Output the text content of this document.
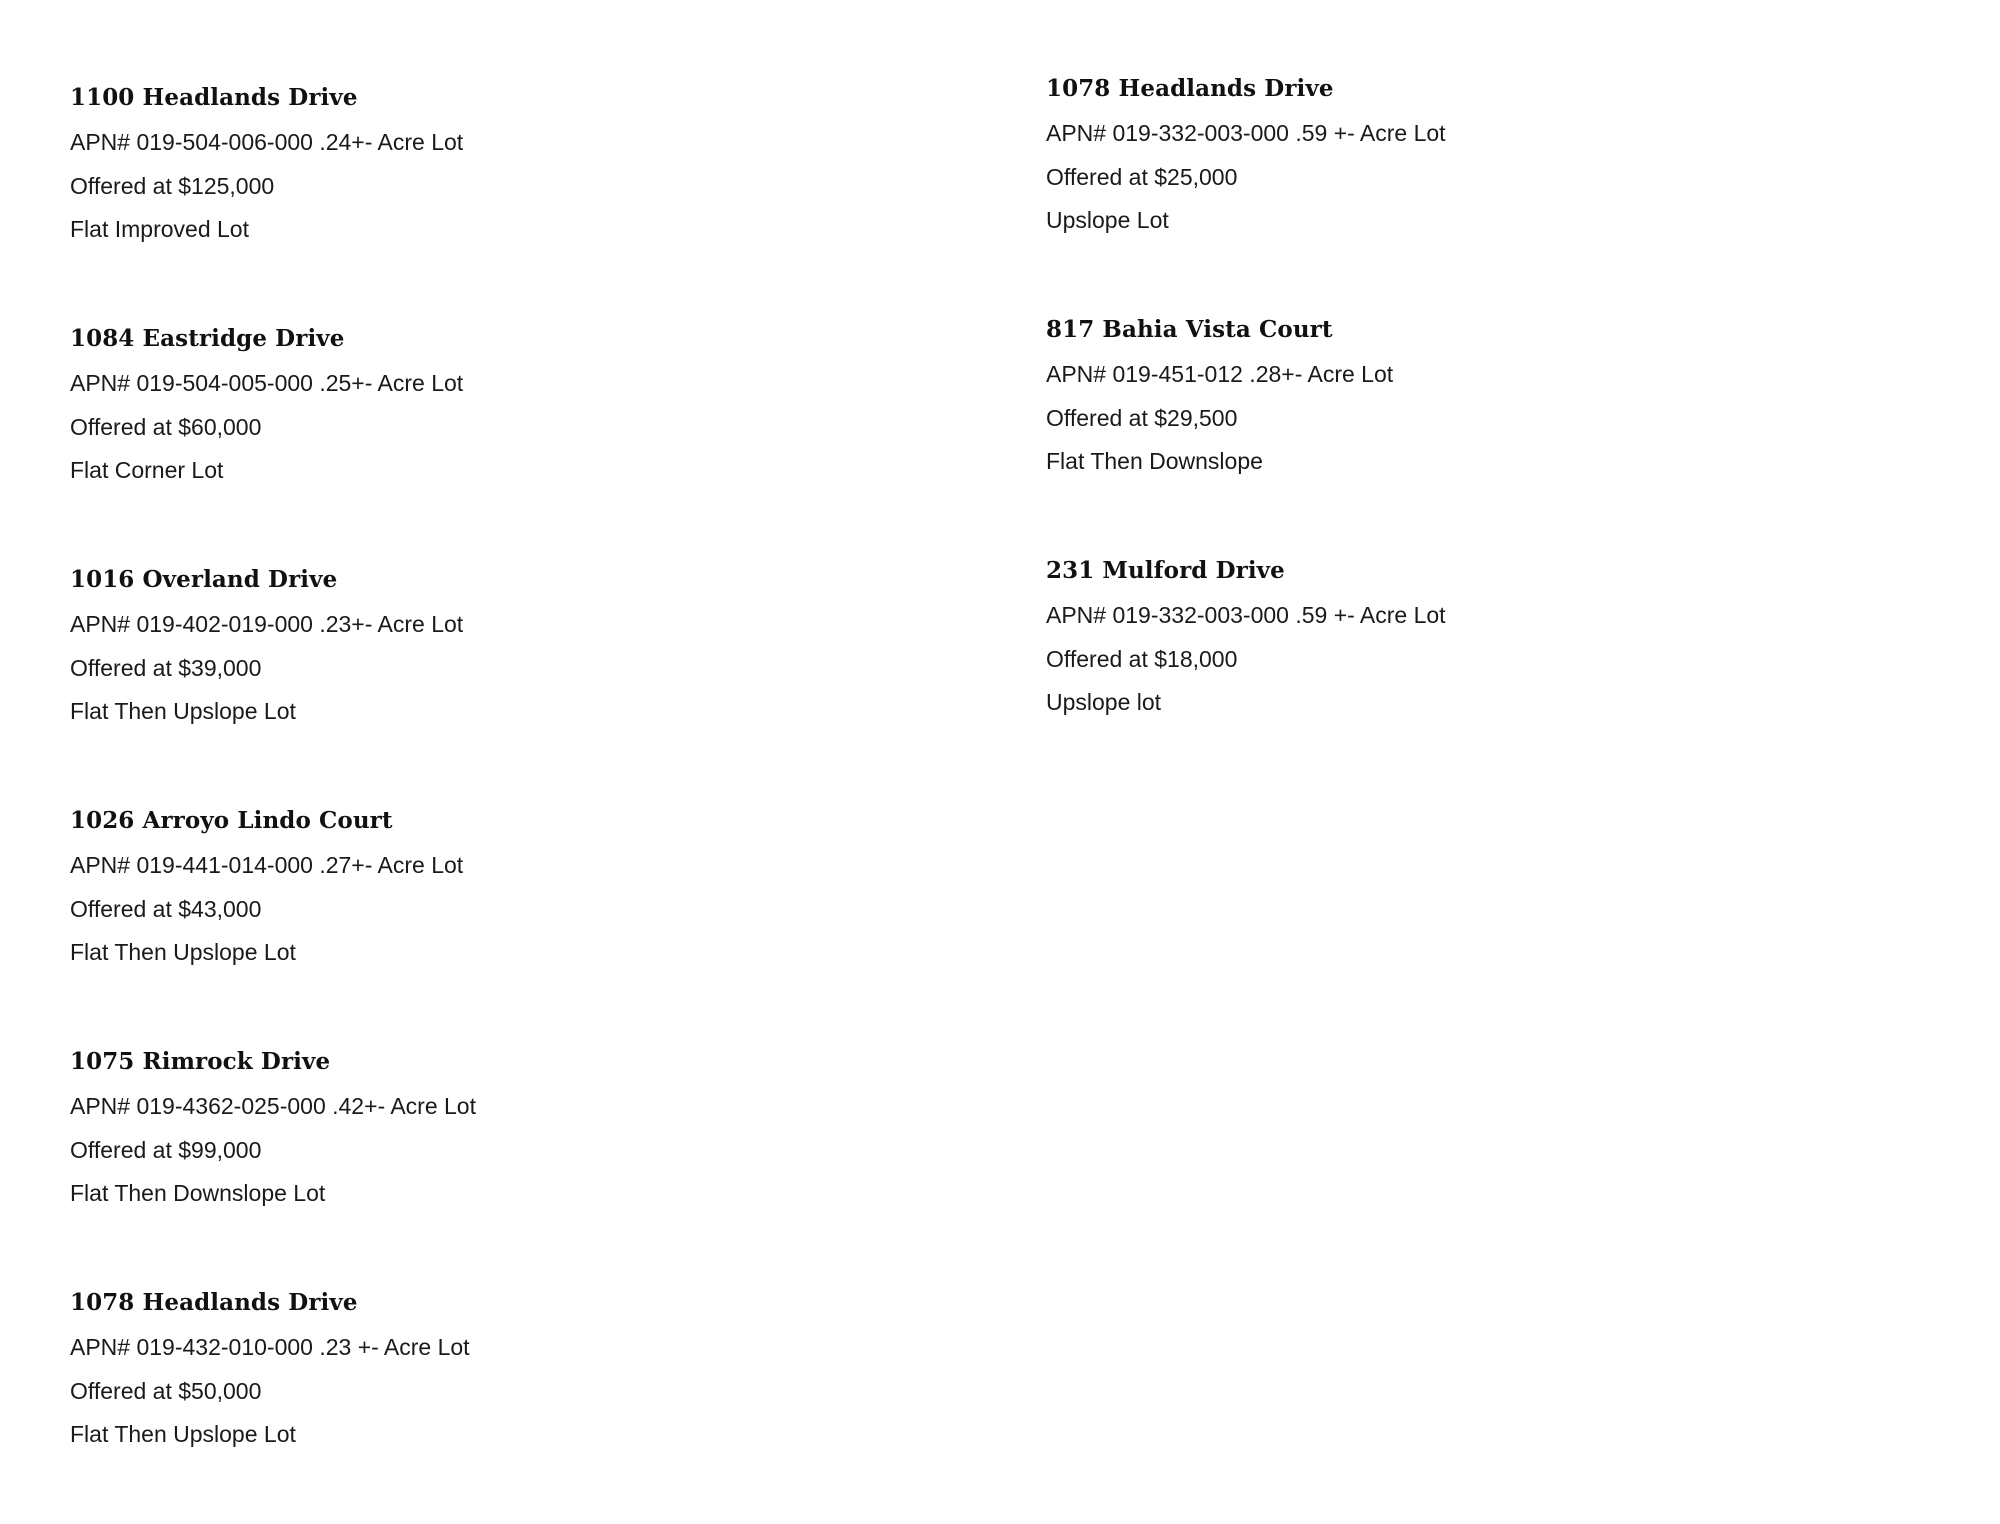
1100 Headlands Drive
APN# 019-504-006-000 .24+- Acre Lot
Offered at $125,000
Flat Improved Lot
1084 Eastridge Drive
APN# 019-504-005-000 .25+- Acre Lot
Offered at $60,000
Flat Corner Lot
1016 Overland Drive
APN# 019-402-019-000 .23+- Acre Lot
Offered at $39,000
Flat Then Upslope Lot
1026 Arroyo Lindo Court
APN# 019-441-014-000 .27+- Acre Lot
Offered at $43,000
Flat Then Upslope Lot
1075 Rimrock Drive
APN# 019-4362-025-000 .42+- Acre Lot
Offered at $99,000
Flat Then Downslope Lot
1078 Headlands Drive
APN# 019-432-010-000 .23 +- Acre Lot
Offered at $50,000
Flat Then Upslope Lot
1078 Headlands Drive
APN# 019-332-003-000 .59 +- Acre Lot
Offered at $25,000
Upslope Lot
817 Bahia Vista Court
APN# 019-451-012 .28+- Acre Lot
Offered at $29,500
Flat Then Downslope
231 Mulford Drive
APN# 019-332-003-000 .59 +- Acre Lot
Offered at $18,000
Upslope lot
